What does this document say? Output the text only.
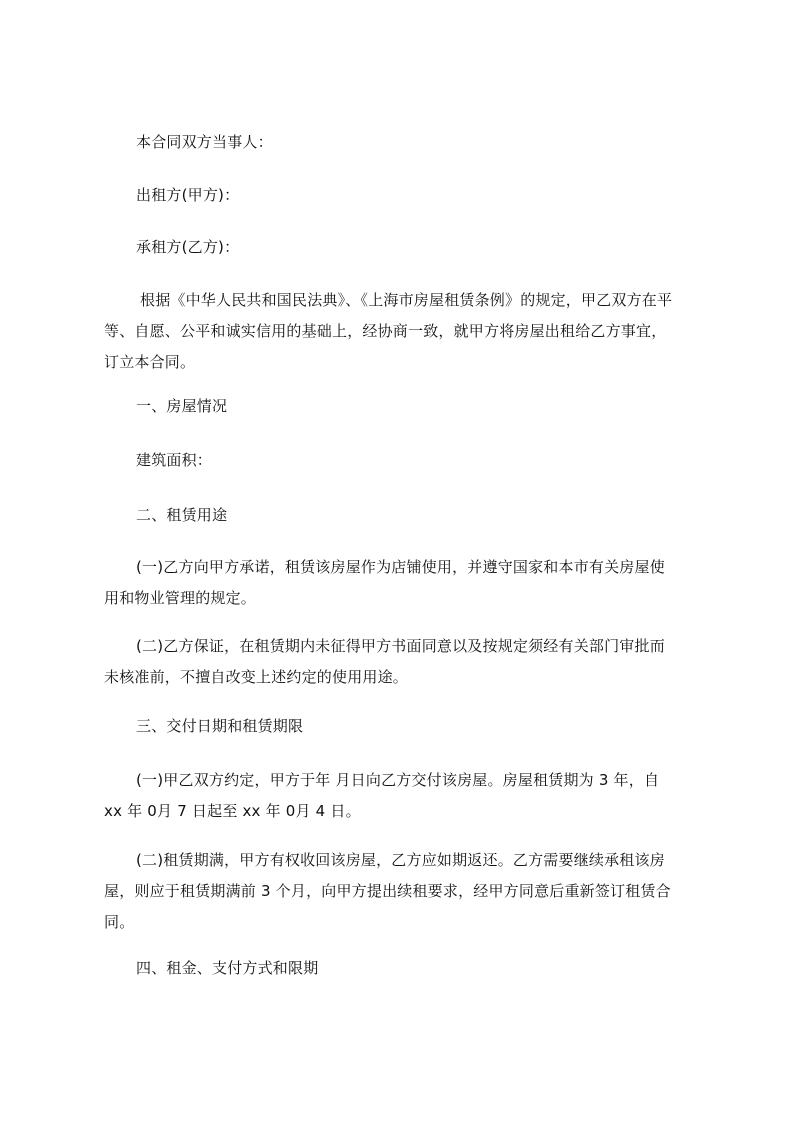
本合同双方当事人：
出租方(甲方)：
承租方(乙方)：
根据《中华人民共和国民法典》、《上海市房屋租赁条例》的规定，甲乙双方在平
等、自愿、公平和诚实信用的基础上，经协商一致，就甲方将房屋出租给乙方事宜，
订立本合同。
一、房屋情况
建筑面积：
二、租赁用途
(一)乙方向甲方承诺，租赁该房屋作为店铺使用，并遵守国家和本市有关房屋使
用和物业管理的规定。
(二)乙方保证，在租赁期内未征得甲方书面同意以及按规定须经有关部门审批而
未核准前，不擅自改变上述约定的使用用途。
三、交付日期和租赁期限
(一)甲乙双方约定，甲方于年 月日向乙方交付该房屋。房屋租赁期为 3 年，自
xx 年 0月 7 日起至 xx 年 0月 4 日。
(二)租赁期满，甲方有权收回该房屋，乙方应如期返还。乙方需要继续承租该房
屋，则应于租赁期满前 3 个月，向甲方提出续租要求，经甲方同意后重新签订租赁合
同。
四、租金、支付方式和限期
